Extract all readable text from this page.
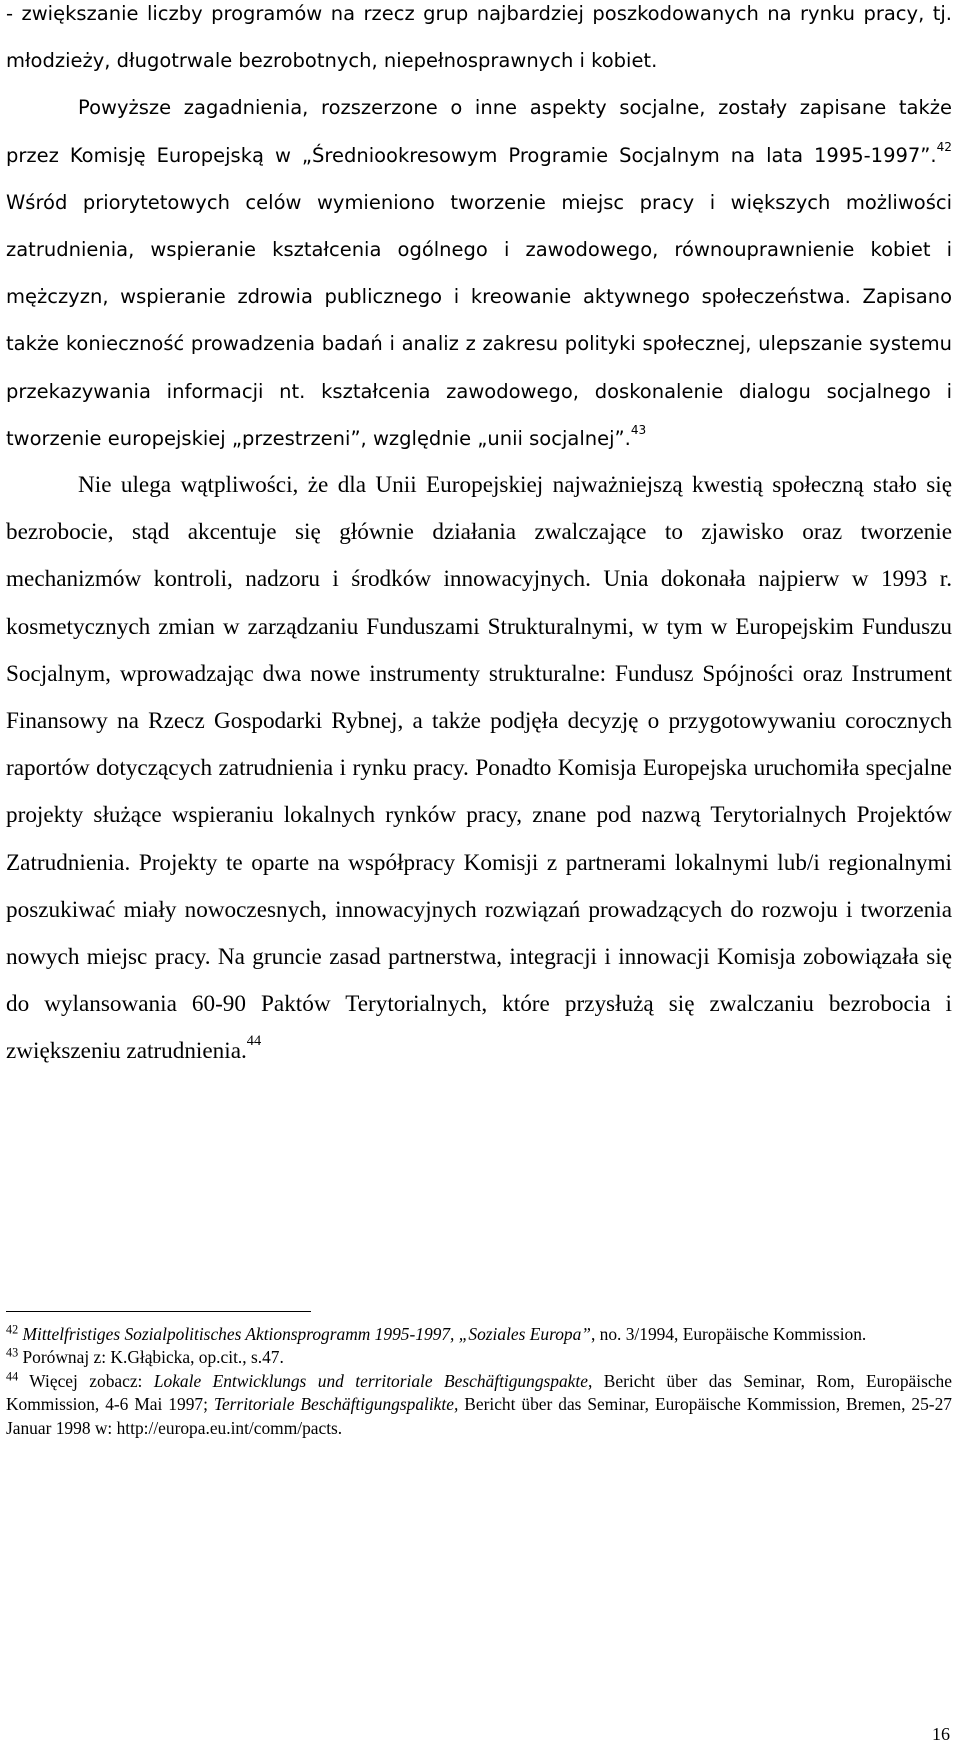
- zwiększanie liczby programów na rzecz grup najbardziej poszkodowanych na rynku pracy, tj. młodzieży, długotrwale bezrobotnych, niepełnosprawnych i kobiet.

Powyższe zagadnienia, rozszerzone o inne aspekty socjalne, zostały zapisane także przez Komisję Europejską w „Średniookresowym Programie Socjalnym na lata 1995-1997”.$^{42}$ Wśród priorytetowych celów wymieniono tworzenie miejsc pracy i większych możliwości zatrudnienia, wspieranie kształcenia ogólnego i zawodowego, równouprawnienie kobiet i mężczyzn, wspieranie zdrowia publicznego i kreowanie aktywnego społeczeństwa. Zapisano także konieczność prowadzenia badań i analiz z zakresu polityki społecznej, ulepszanie systemu przekazywania informacji nt. kształcenia zawodowego, doskonalenie dialogu socjalnego i tworzenie europejskiej „przestrzeni”, względnie „unii socjalnej”.$^{43}$

Nie ulega wątpliwości, że dla Unii Europejskiej najważniejszą kwestią społeczną stało się bezrobocie, stąd akcentuje się głównie działania zwalczające to zjawisko oraz tworzenie mechanizmów kontroli, nadzoru i środków innowacyjnych. Unia dokonała najpierw w 1993 r. kosmetycznych zmian w zarządzaniu Funduszami Strukturalnymi, w tym w Europejskim Funduszu Socjalnym, wprowadzając dwa nowe instrumenty strukturalne: Fundusz Spójności oraz Instrument Finansowy na Rzecz Gospodarki Rybnej, a także podjęła decyzję o przygotowywaniu corocznych raportów dotyczących zatrudnienia i rynku pracy. Ponadto Komisja Europejska uruchomiła specjalne projekty służące wspieraniu lokalnych rynków pracy, znane pod nazwą Terytorialnych Projektów Zatrudnienia. Projekty te oparte na współpracy Komisji z partnerami lokalnymi lub/i regionalnymi poszukiwać miały nowoczesnych, innowacyjnych rozwiązań prowadzących do rozwoju i tworzenia nowych miejsc pracy. Na gruncie zasad partnerstwa, integracji i innowacji Komisja zobowiązała się do wylansowania 60-90 Paktów Terytorialnych, które przysłużą się zwalczaniu bezrobocia i zwiększeniu zatrudnienia.$^{44}$

$^{42}$ Mittelfristiges Sozialpolitisches Aktionsprogramm 1995-1997, „Soziales Europa”, no. 3/1994, Europäische Kommission.

$^{43}$ Porównaj z: K.Głąbicka, op.cit., s.47.

$^{44}$ Więcej zobacz: Lokale Entwicklungs und territoriale Beschäftigungspakte, Bericht über das Seminar, Rom, Europäische Kommission, 4-6 Mai 1997; Territoriale Beschäftigungspalikte, Bericht über das Seminar, Europäische Kommission, Bremen, 25-27 Januar 1998 w: http://europa.eu.int/comm/pacts.

16
